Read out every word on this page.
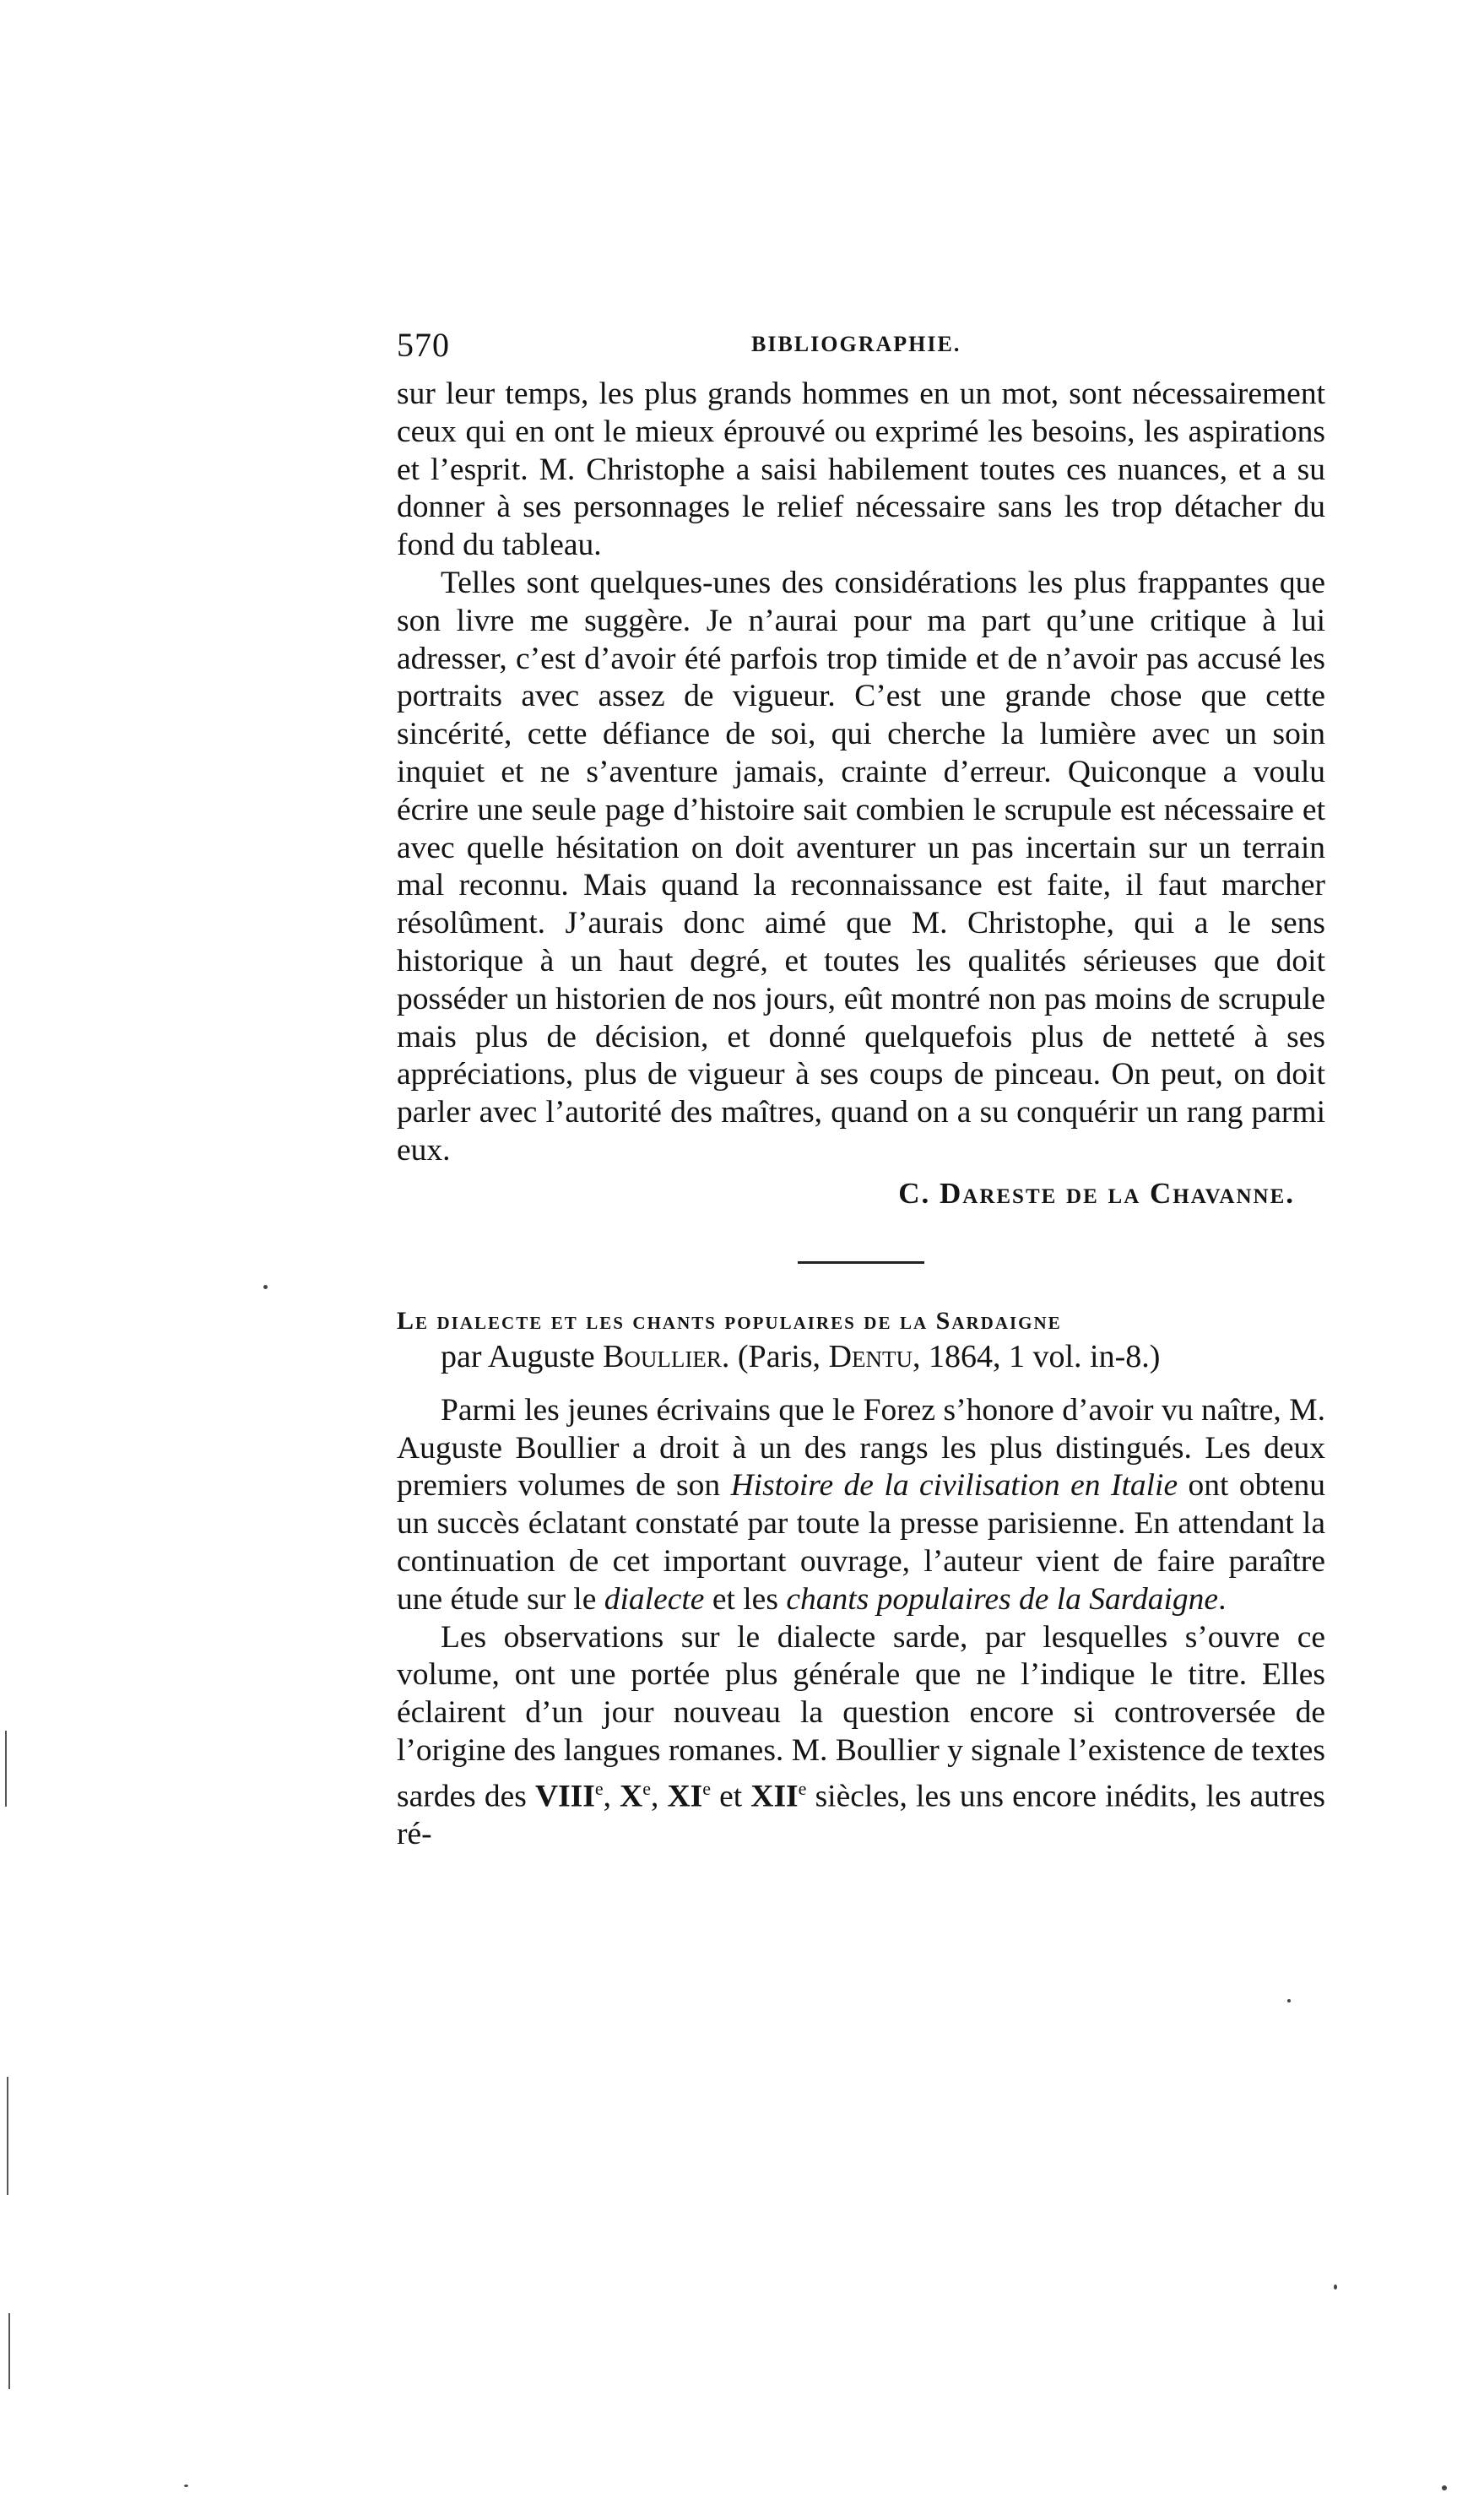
570	BIBLIOGRAPHIE.

sur leur temps, les plus grands hommes en un mot, sont nécessairement ceux qui en ont le mieux éprouvé ou exprimé les besoins, les aspirations et l’esprit. M. Christophe a saisi habilement toutes ces nuances, et a su donner à ses personnages le relief nécessaire sans les trop détacher du fond du tableau.

Telles sont quelques-unes des considérations les plus frappantes que son livre me suggère. Je n’aurai pour ma part qu’une critique à lui adresser, c’est d’avoir été parfois trop timide et de n’avoir pas accusé les portraits avec assez de vigueur. C’est une grande chose que cette sincérité, cette défiance de soi, qui cherche la lumière avec un soin inquiet et ne s’aventure jamais, crainte d’erreur. Quiconque a voulu écrire une seule page d’histoire sait combien le scrupule est nécessaire et avec quelle hésitation on doit aventurer un pas incertain sur un terrain mal reconnu. Mais quand la reconnaissance est faite, il faut marcher résolûment. J’aurais donc aimé que M. Christophe, qui a le sens historique à un haut degré, et toutes les qualités sérieuses que doit posséder un historien de nos jours, eût montré non pas moins de scrupule mais plus de décision, et donné quelquefois plus de netteté à ses appréciations, plus de vigueur à ses coups de pinceau. On peut, on doit parler avec l’autorité des maîtres, quand on a su conquérir un rang parmi eux.

C. Dareste de la Chavanne.
Le dialecte et les chants populaires de la Sardaigne
par Auguste Boullier. (Paris, Dentu, 1864, 1 vol. in-8.)

Parmi les jeunes écrivains que le Forez s’honore d’avoir vu naître, M. Auguste Boullier a droit à un des rangs les plus distingués. Les deux premiers volumes de son Histoire de la civilisation en Italie ont obtenu un succès éclatant constaté par toute la presse parisienne. En attendant la continuation de cet important ouvrage, l’auteur vient de faire paraître une étude sur le dialecte et les chants populaires de la Sardaigne.

Les observations sur le dialecte sarde, par lesquelles s’ouvre ce volume, ont une portée plus générale que ne l’indique le titre. Elles éclairent d’un jour nouveau la question encore si controversée de l’origine des langues romanes. M. Boullier y signale l’existence de textes sardes des VIIIe, Xe, XIe et XIIe siècles, les uns encore inédits, les autres ré-
